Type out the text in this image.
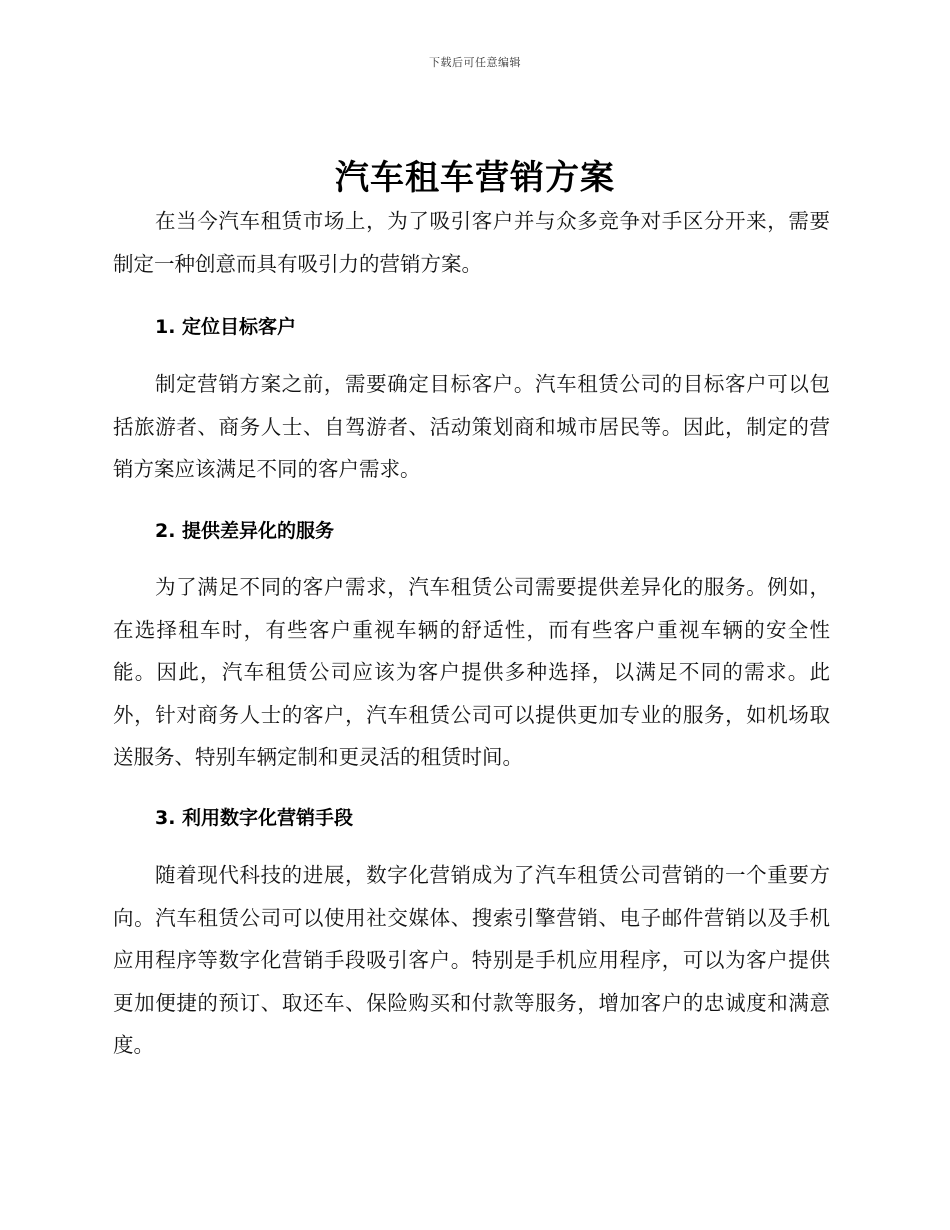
下载后可任意编辑
汽车租车营销方案

在当今汽车租赁市场上，为了吸引客户并与众多竞争对手区分开来，需要制定一种创意而具有吸引力的营销方案。

1. 定位目标客户

制定营销方案之前，需要确定目标客户。汽车租赁公司的目标客户可以包括旅游者、商务人士、自驾游者、活动策划商和城市居民等。因此，制定的营销方案应该满足不同的客户需求。

2. 提供差异化的服务

为了满足不同的客户需求，汽车租赁公司需要提供差异化的服务。例如，在选择租车时，有些客户重视车辆的舒适性，而有些客户重视车辆的安全性能。因此，汽车租赁公司应该为客户提供多种选择，以满足不同的需求。此外，针对商务人士的客户，汽车租赁公司可以提供更加专业的服务，如机场取送服务、特别车辆定制和更灵活的租赁时间。

3. 利用数字化营销手段

随着现代科技的进展，数字化营销成为了汽车租赁公司营销的一个重要方向。汽车租赁公司可以使用社交媒体、搜索引擎营销、电子邮件营销以及手机应用程序等数字化营销手段吸引客户。特别是手机应用程序，可以为客户提供更加便捷的预订、取还车、保险购买和付款等服务，增加客户的忠诚度和满意度。
